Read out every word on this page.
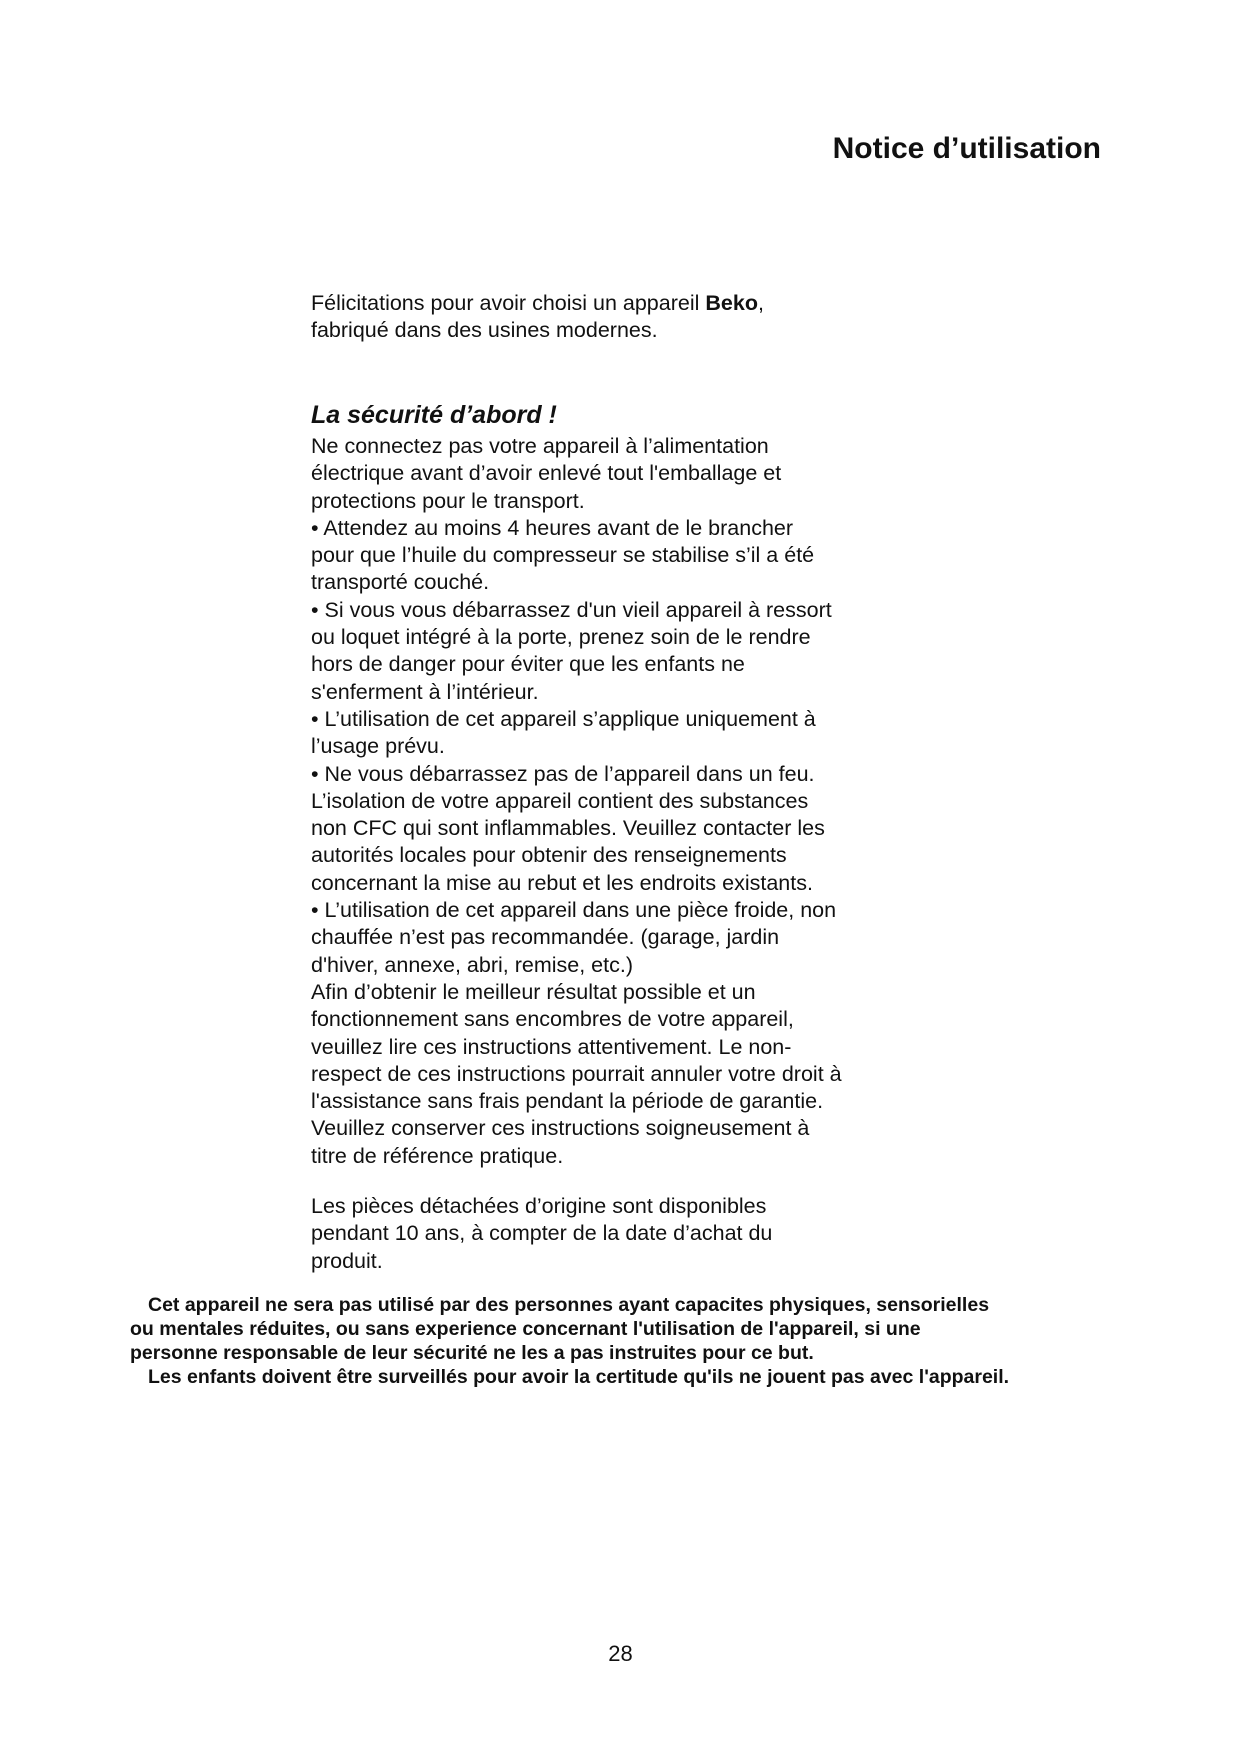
Notice d’utilisation

Félicitations pour avoir choisi un appareil Beko,

fabriqué dans des usines modernes.

La sécurité d’abord !
Ne connectez pas votre appareil à l’alimentation
électrique avant d’avoir enlevé tout l'emballage et
protections pour le transport.
• Attendez au moins 4 heures avant de le brancher
pour que l’huile du compresseur se stabilise s’il a été
transporté couché.
• Si vous vous débarrassez d'un vieil appareil à ressort
ou loquet intégré à la porte, prenez soin de le rendre
hors de danger pour éviter que les enfants ne
s'enferment à l’intérieur.
• L’utilisation de cet appareil s’applique uniquement à
l’usage prévu.
• Ne vous débarrassez pas de l’appareil dans un feu.
L’isolation de votre appareil contient des substances
non CFC qui sont inflammables. Veuillez contacter les
autorités locales pour obtenir des renseignements
concernant la mise au rebut et les endroits existants.
• L’utilisation de cet appareil dans une pièce froide, non
chauffée n’est pas recommandée. (garage, jardin
d'hiver, annexe, abri, remise, etc.)
Afin d’obtenir le meilleur résultat possible et un
fonctionnement sans encombres de votre appareil,
veuillez lire ces instructions attentivement. Le non-
respect de ces instructions pourrait annuler votre droit à
l'assistance sans frais pendant la période de garantie.
Veuillez conserver ces instructions soigneusement à
titre de référence pratique.
Les pièces détachées d’origine sont disponibles
pendant 10 ans, à compter de la date d’achat du
produit.
Cet appareil ne sera pas utilisé par des personnes ayant capacites physiques, sensorielles
ou mentales réduites, ou sans experience concernant l'utilisation de l'appareil, si une
personne responsable de leur sécurité ne les a pas instruites pour ce but.
Les enfants doivent être surveillés pour avoir la certitude qu'ils ne jouent pas avec l'appareil.
28
